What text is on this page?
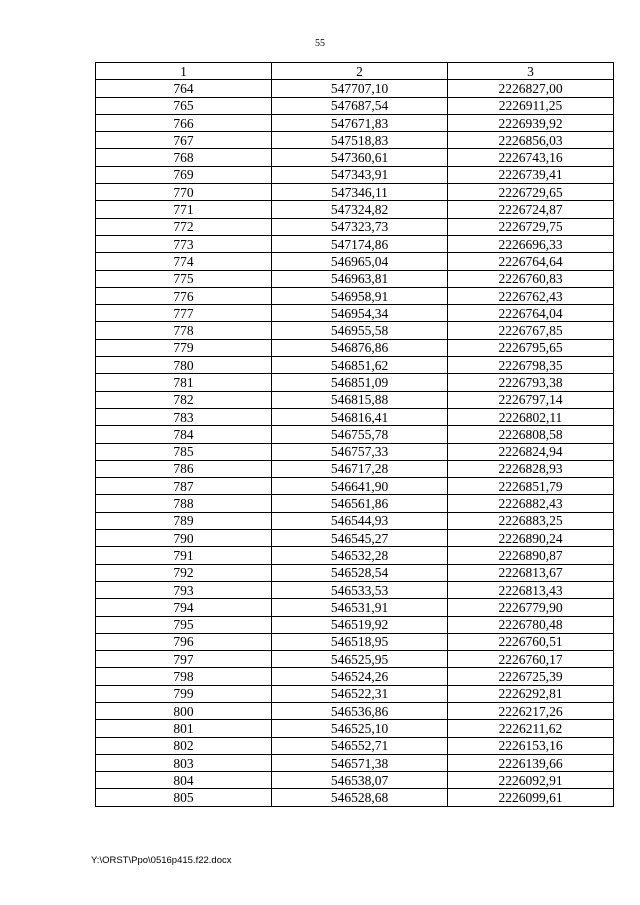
55
1	2	3
764	547707,10	2226827,00
765	547687,54	2226911,25
766	547671,83	2226939,92
767	547518,83	2226856,03
768	547360,61	2226743,16
769	547343,91	2226739,41
770	547346,11	2226729,65
771	547324,82	2226724,87
772	547323,73	2226729,75
773	547174,86	2226696,33
774	546965,04	2226764,64
775	546963,81	2226760,83
776	546958,91	2226762,43
777	546954,34	2226764,04
778	546955,58	2226767,85
779	546876,86	2226795,65
780	546851,62	2226798,35
781	546851,09	2226793,38
782	546815,88	2226797,14
783	546816,41	2226802,11
784	546755,78	2226808,58
785	546757,33	2226824,94
786	546717,28	2226828,93
787	546641,90	2226851,79
788	546561,86	2226882,43
789	546544,93	2226883,25
790	546545,27	2226890,24
791	546532,28	2226890,87
792	546528,54	2226813,67
793	546533,53	2226813,43
794	546531,91	2226779,90
795	546519,92	2226780,48
796	546518,95	2226760,51
797	546525,95	2226760,17
798	546524,26	2226725,39
799	546522,31	2226292,81
800	546536,86	2226217,26
801	546525,10	2226211,62
802	546552,71	2226153,16
803	546571,38	2226139,66
804	546538,07	2226092,91
805	546528,68	2226099,61
Y:\ORST\Ppo\0516p415.f22.docx
